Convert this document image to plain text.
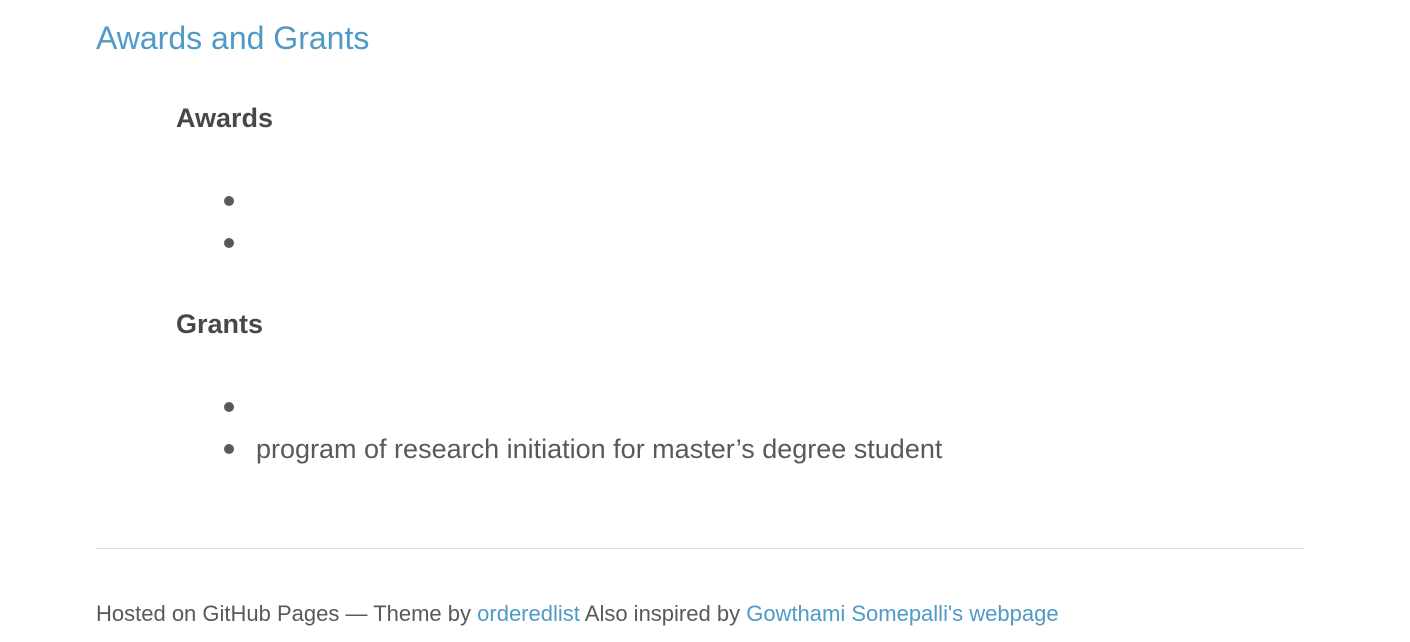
Awards and Grants
Awards
Grants
program of research initiation for master’s degree student

Hosted on GitHub Pages — Theme by orderedlist Also inspired by Gowthami Somepalli's webpage
